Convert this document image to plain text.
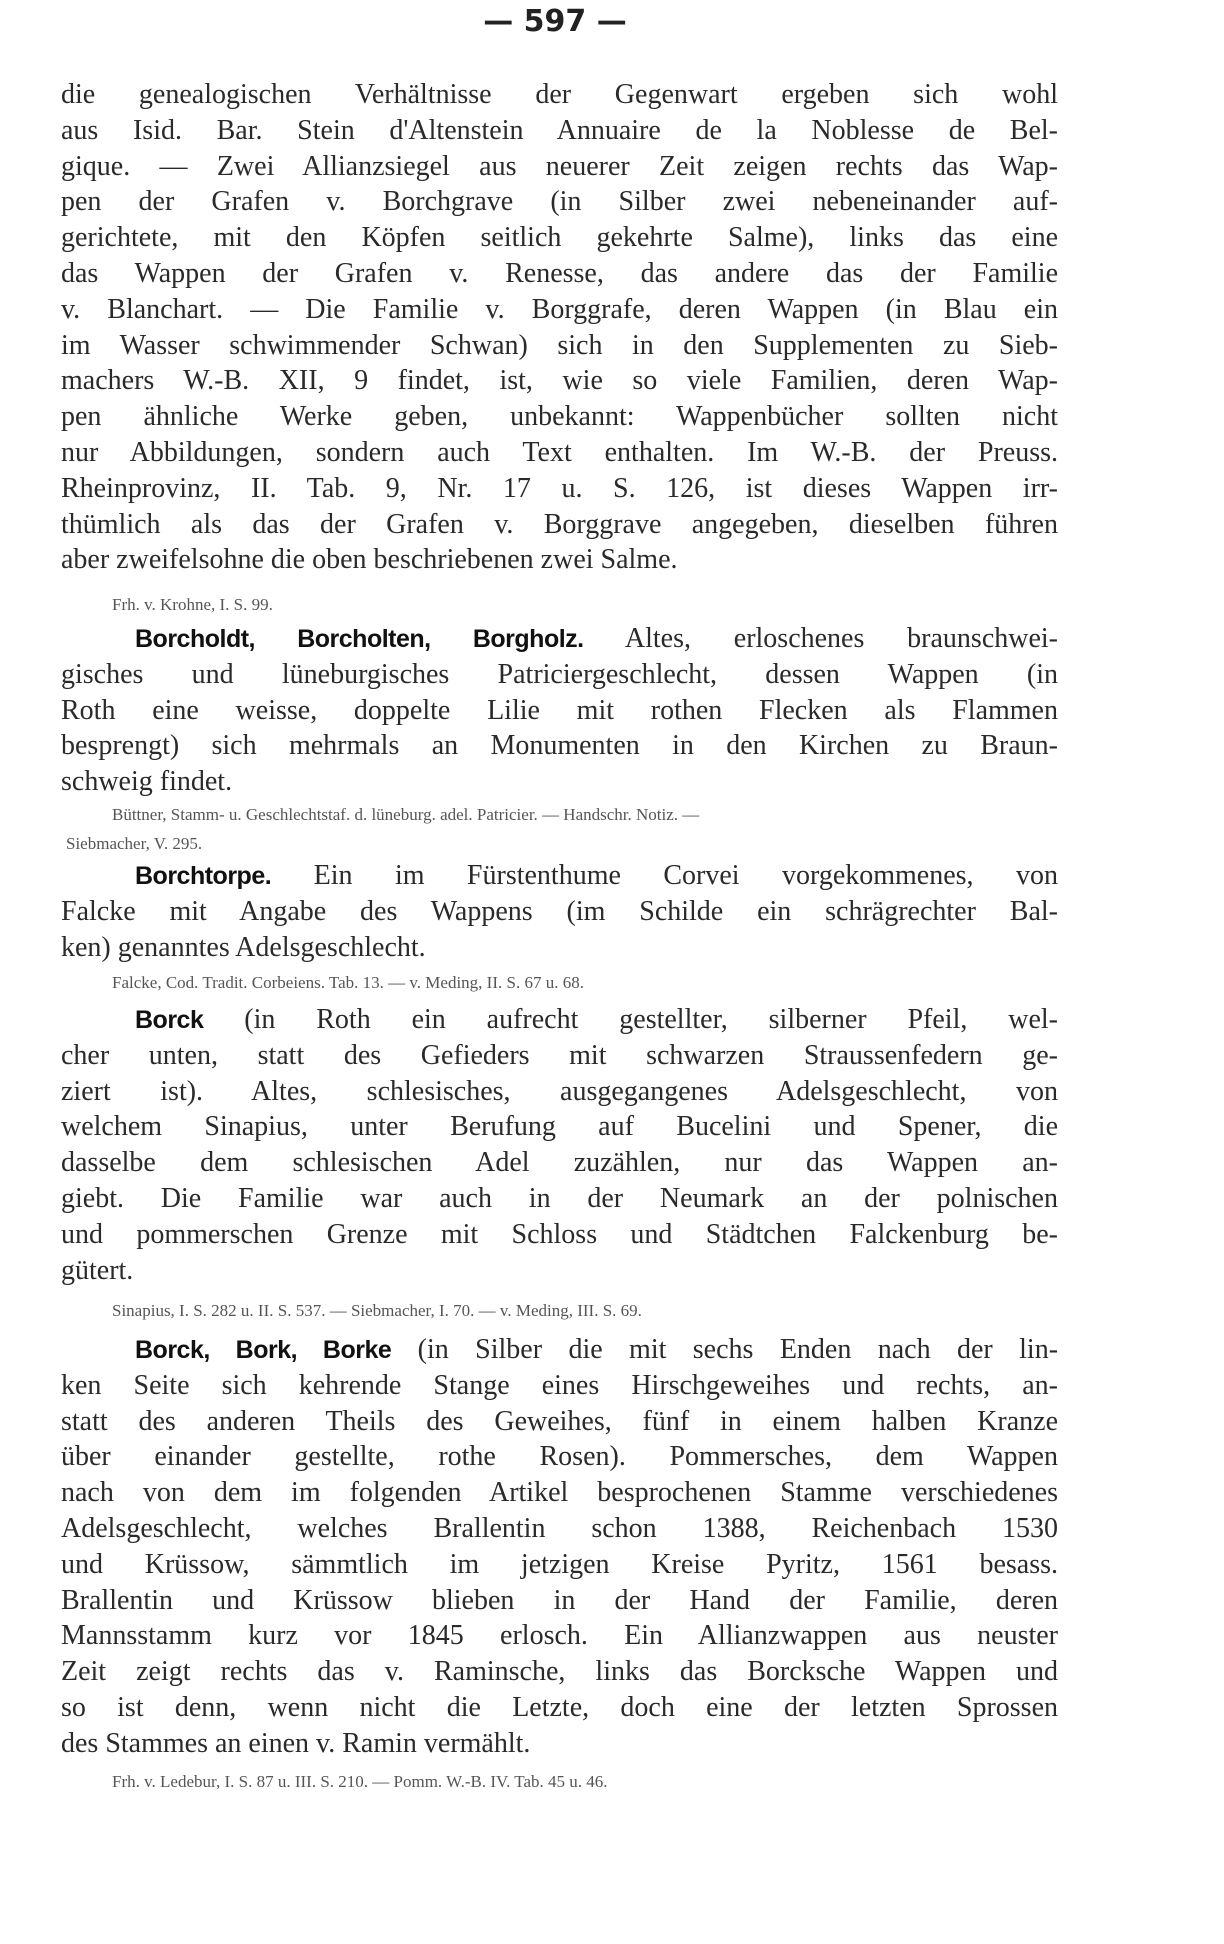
— 597 —
die genealogischen Verhältnisse der Gegenwart ergeben sich wohl
aus Isid. Bar. Stein d'Altenstein Annuaire de la Noblesse de Bel-
gique. — Zwei Allianzsiegel aus neuerer Zeit zeigen rechts das Wap-
pen der Grafen v. Borchgrave (in Silber zwei nebeneinander auf-
gerichtete, mit den Köpfen seitlich gekehrte Salme), links das eine
das Wappen der Grafen v. Renesse, das andere das der Familie
v. Blanchart. — Die Familie v. Borggrafe, deren Wappen (in Blau ein
im Wasser schwimmender Schwan) sich in den Supplementen zu Sieb-
machers W.-B. XII, 9 findet, ist, wie so viele Familien, deren Wap-
pen ähnliche Werke geben, unbekannt: Wappenbücher sollten nicht
nur Abbildungen, sondern auch Text enthalten. Im W.-B. der Preuss.
Rheinprovinz, II. Tab. 9, Nr. 17 u. S. 126, ist dieses Wappen irr-
thümlich als das der Grafen v. Borggrave angegeben, dieselben führen
aber zweifelsohne die oben beschriebenen zwei Salme.
Frh. v. Krohne, I. S. 99.
Borcholdt, Borcholten, Borgholz. Altes, erloschenes braunschwei-
gisches und lüneburgisches Patriciergeschlecht, dessen Wappen (in
Roth eine weisse, doppelte Lilie mit rothen Flecken als Flammen
besprengt) sich mehrmals an Monumenten in den Kirchen zu Braun-
schweig findet.
Büttner, Stamm- u. Geschlechtstaf. d. lüneburg. adel. Patricier. — Handschr. Notiz. —
Siebmacher, V. 295.
Borchtorpe. Ein im Fürstenthume Corvei vorgekommenes, von
Falcke mit Angabe des Wappens (im Schilde ein schrägrechter Bal-
ken) genanntes Adelsgeschlecht.
Falcke, Cod. Tradit. Corbeiens. Tab. 13. — v. Meding, II. S. 67 u. 68.
Borck (in Roth ein aufrecht gestellter, silberner Pfeil, wel-
cher unten, statt des Gefieders mit schwarzen Straussenfedern ge-
ziert ist). Altes, schlesisches, ausgegangenes Adelsgeschlecht, von
welchem Sinapius, unter Berufung auf Bucelini und Spener, die
dasselbe dem schlesischen Adel zuzählen, nur das Wappen an-
giebt. Die Familie war auch in der Neumark an der polnischen
und pommerschen Grenze mit Schloss und Städtchen Falckenburg be-
gütert.
Sinapius, I. S. 282 u. II. S. 537. — Siebmacher, I. 70. — v. Meding, III. S. 69.
Borck, Bork, Borke (in Silber die mit sechs Enden nach der lin-
ken Seite sich kehrende Stange eines Hirschgeweihes und rechts, an-
statt des anderen Theils des Geweihes, fünf in einem halben Kranze
über einander gestellte, rothe Rosen). Pommersches, dem Wappen
nach von dem im folgenden Artikel besprochenen Stamme verschiedenes
Adelsgeschlecht, welches Brallentin schon 1388, Reichenbach 1530
und Krüssow, sämmtlich im jetzigen Kreise Pyritz, 1561 besass.
Brallentin und Krüssow blieben in der Hand der Familie, deren
Mannsstamm kurz vor 1845 erlosch. Ein Allianzwappen aus neuster
Zeit zeigt rechts das v. Raminsche, links das Borcksche Wappen und
so ist denn, wenn nicht die Letzte, doch eine der letzten Sprossen
des Stammes an einen v. Ramin vermählt.
Frh. v. Ledebur, I. S. 87 u. III. S. 210. — Pomm. W.-B. IV. Tab. 45 u. 46.
